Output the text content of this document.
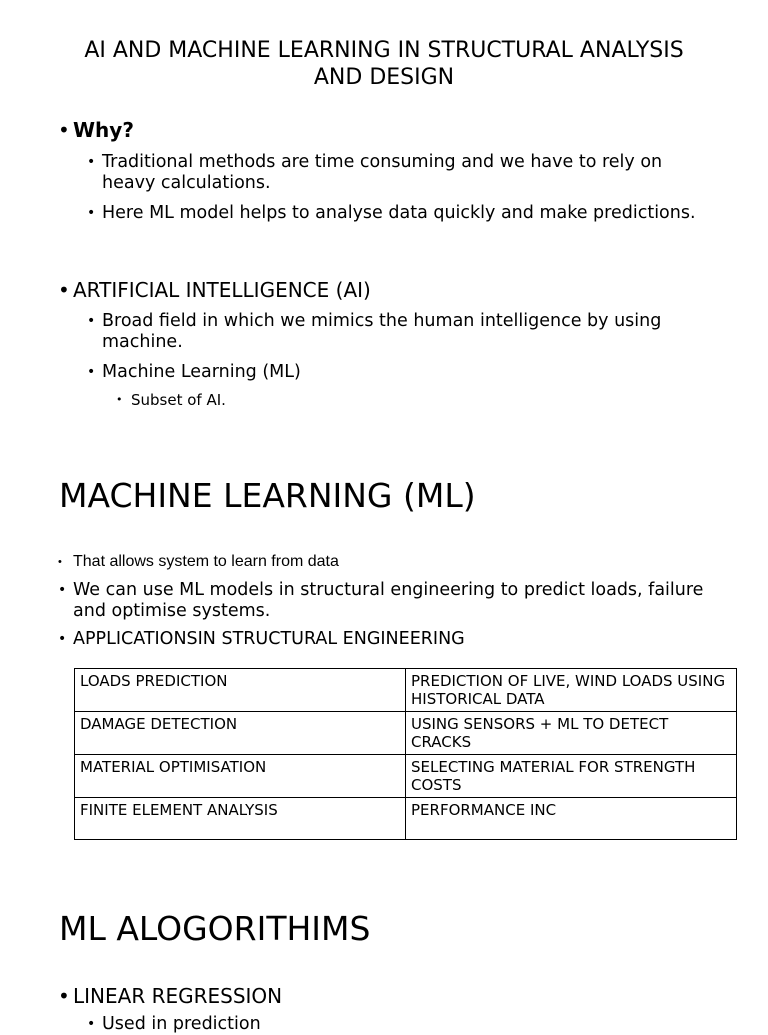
AI AND MACHINE LEARNING IN STRUCTURAL ANALYSIS AND DESIGN
• Why?
• Traditional methods are time consuming and we have to rely on heavy calculations.
• Here ML model helps to analyse data quickly and make predictions.
• ARTIFICIAL INTELLIGENCE (AI)
• Broad field in which we mimics the human intelligence by using machine.
• Machine Learning (ML)
• Subset of AI.
MACHINE LEARNING (ML)
• That allows system to learn from data
• We can use ML models in structural engineering to predict loads, failure and optimise systems.
• APPLICATIONSIN STRUCTURAL ENGINEERING
LOADS PREDICTION	PREDICTION OF LIVE, WIND LOADS USING HISTORICAL DATA
DAMAGE DETECTION	USING SENSORS + ML TO DETECT CRACKS
MATERIAL OPTIMISATION	SELECTING MATERIAL FOR STRENGTH COSTS
FINITE ELEMENT ANALYSIS	PERFORMANCE INC
ML ALOGORITHIMS
• LINEAR REGRESSION
• Used in prediction
